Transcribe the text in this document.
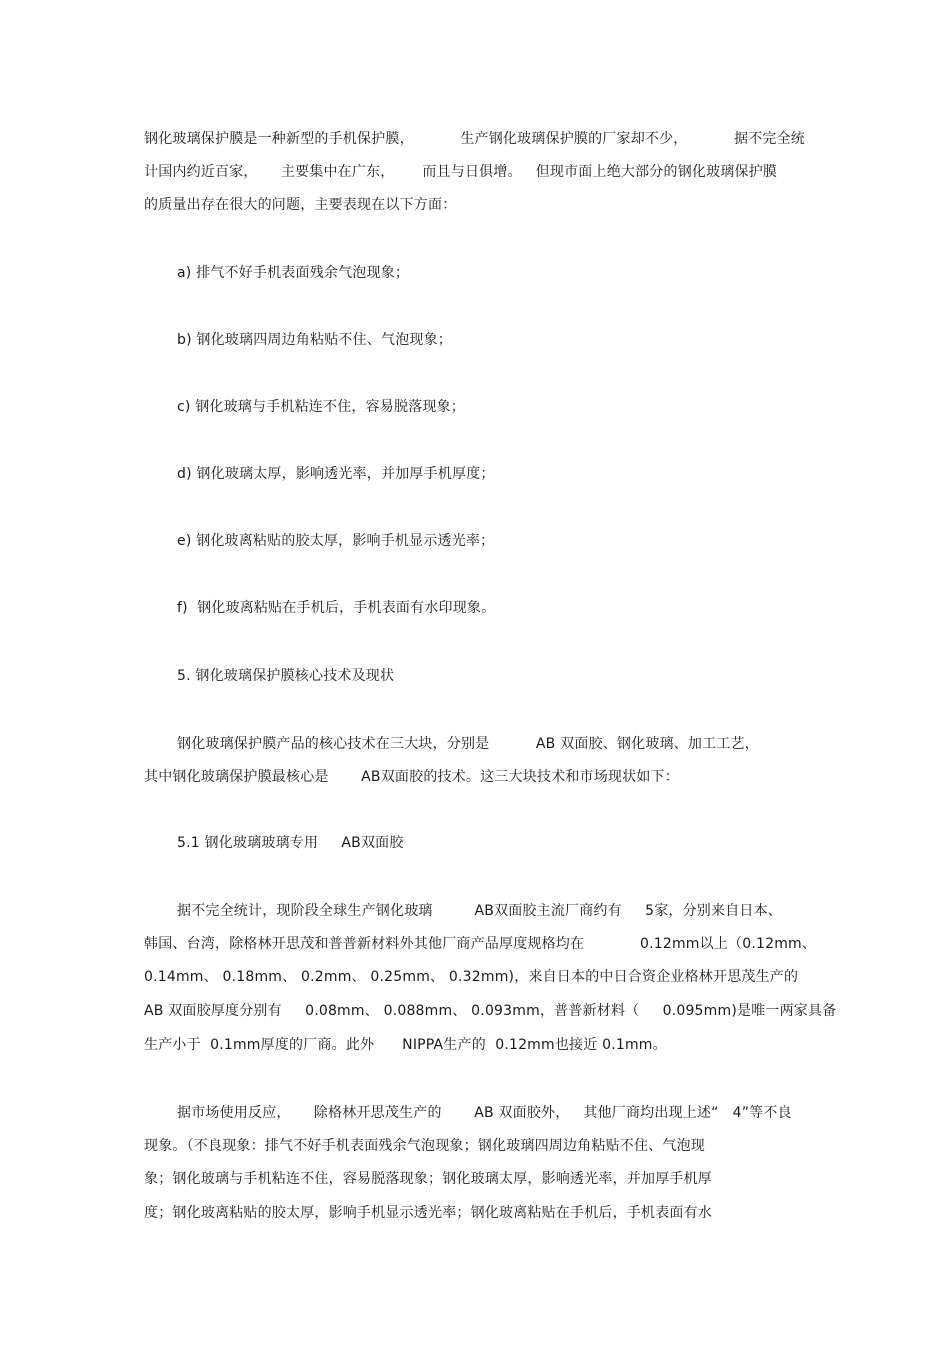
钢化玻璃保护膜是一种新型的手机保护膜，          生产钢化玻璃保护膜的厂家却不少，          据不完全统
计国内约近百家，     主要集中在广东，      而且与日俱增。   但现市面上绝大部分的钢化玻璃保护膜
的质量出存在很大的问题，主要表现在以下方面：
a) 排气不好手机表面残余气泡现象；
b) 钢化玻璃四周边角粘贴不住、气泡现象；
c) 钢化玻璃与手机粘连不住，容易脱落现象；
d) 钢化玻璃太厚，影响透光率，并加厚手机厚度；
e) 钢化玻离粘贴的胶太厚，影响手机显示透光率；
f)  钢化玻离粘贴在手机后，手机表面有水印现象。
5. 钢化玻璃保护膜核心技术及现状
钢化玻璃保护膜产品的核心技术在三大块，分别是          AB 双面胶、钢化玻璃、加工工艺，
其中钢化玻璃保护膜最核心是       AB双面胶的技术。这三大块技术和市场现状如下：
5.1 钢化玻璃玻璃专用     AB双面胶
据不完全统计，现阶段全球生产钢化玻璃         AB双面胶主流厂商约有     5家，分别来自日本、
韩国、台湾，除格林开思茂和普普新材料外其他厂商产品厚度规格均在            0.12mm以上（0.12mm、
0.14mm、 0.18mm、 0.2mm、 0.25mm、 0.32mm)，来自日本的中日合资企业格林开思茂生产的
AB 双面胶厚度分别有     0.08mm、 0.088mm、 0.093mm，普普新材料（     0.095mm)是唯一两家具备
生产小于  0.1mm厚度的厂商。此外      NIPPA生产的  0.12mm也接近 0.1mm。
据市场使用反应，     除格林开思茂生产的       AB 双面胶外，   其他厂商均出现上述“   4”等不良
现象。（不良现象：排气不好手机表面残余气泡现象；钢化玻璃四周边角粘贴不住、气泡现
象；钢化玻璃与手机粘连不住，容易脱落现象；钢化玻璃太厚，影响透光率，并加厚手机厚
度；钢化玻离粘贴的胶太厚，影响手机显示透光率；钢化玻离粘贴在手机后，手机表面有水
